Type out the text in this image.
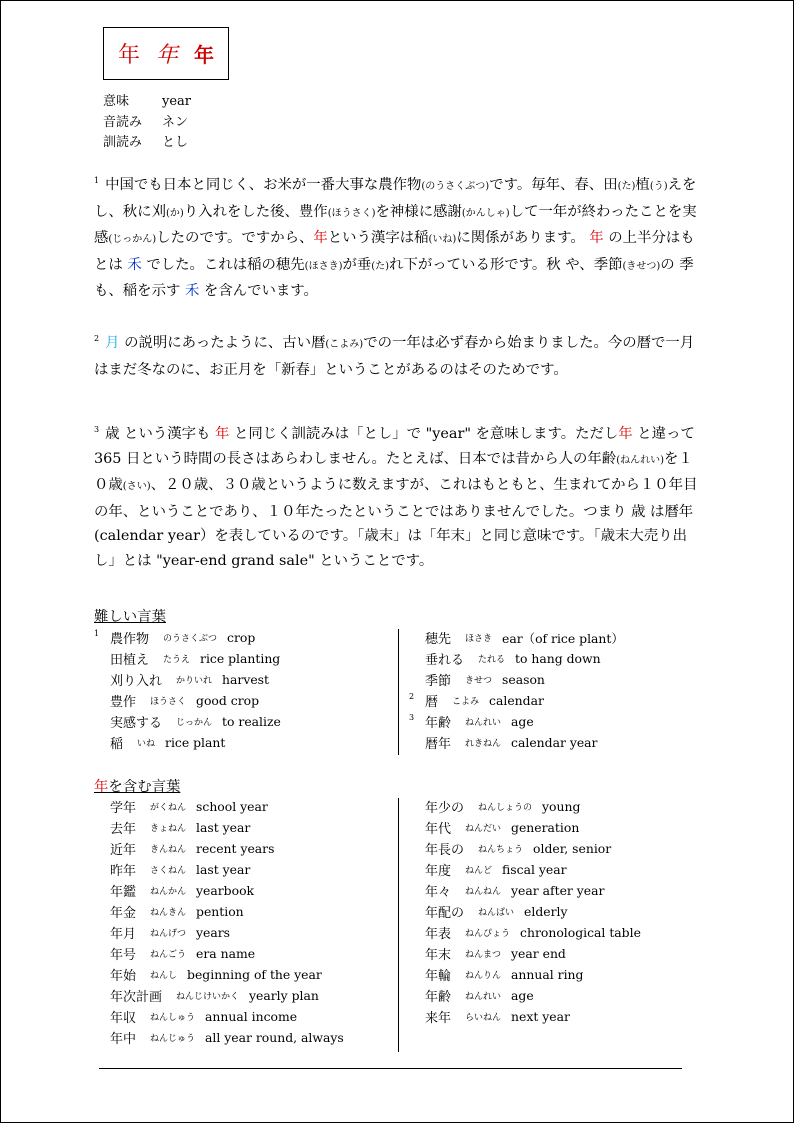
年 年 年
意味	year
音読み	ネン
訓読み	とし
$^1$ 中国でも日本と同じく、お米が一番大事な農作物(のうさくぶつ)です。毎年、春、田(た)植(う)えをし、秋に刈(か)り入れをした後、豊作(ほうさく)を神様に感謝(かんしゃ)して一年が終わったことを実感(じっかん)したのです。ですから、年という漢字は稲(いね)に関係があります。 年 の上半分はもとは 禾 でした。これは稲の穂先(ほさき)が垂(た)れ下がっている形です。秋 や、季節(きせつ)の 季 も、稲を示す 禾 を含んでいます。
$^2$ 月 の説明にあったように、古い暦(こよみ)での一年は必ず春から始まりました。今の暦で一月はまだ冬なのに、お正月を「新春」ということがあるのはそのためです。
$^3$ 歳 という漢字も 年 と同じく訓読みは「とし」で "year" を意味します。ただし年 と違って 365 日という時間の長さはあらわしません。たとえば、日本では昔から人の年齢(ねんれい)を１０歳(さい)、２０歳、３０歳というように数えますが、これはもともと、生まれてから１０年目の年、ということであり、１０年たったということではありませんでした。つまり 歳 は暦年(calendar year）を表しているのです。「歳末」は「年末」と同じ意味です。「歳末大売り出し」とは "year-end grand sale" ということです。
難しい言葉
1 農作物 のうさくぶつ crop
田植え たうえ rice planting
刈り入れ かりいれ harvest
豊作 ほうさく good crop
実感する じっかん to realize
稲 いね rice plant
穂先 ほさき ear（of rice plant）
垂れる たれる to hang down
季節 きせつ season
2 暦 こよみ calendar
3 年齢 ねんれい age
暦年 れきねん calendar year
年を含む言葉
学年 がくねん school year
去年 きょねん last year
近年 きんねん recent years
昨年 さくねん last year
年鑑 ねんかん yearbook
年金 ねんきん pention
年月 ねんげつ years
年号 ねんごう era name
年始 ねんし beginning of the year
年次計画 ねんじけいかく yearly plan
年収 ねんしゅう annual income
年中 ねんじゅう all year round, always
年少の ねんしょうの young
年代 ねんだい generation
年長の ねんちょう older, senior
年度 ねんど fiscal year
年々 ねんねん year after year
年配の ねんぱい elderly
年表 ねんぴょう chronological table
年末 ねんまつ year end
年輪 ねんりん annual ring
年齢 ねんれい age
来年 らいねん next year
